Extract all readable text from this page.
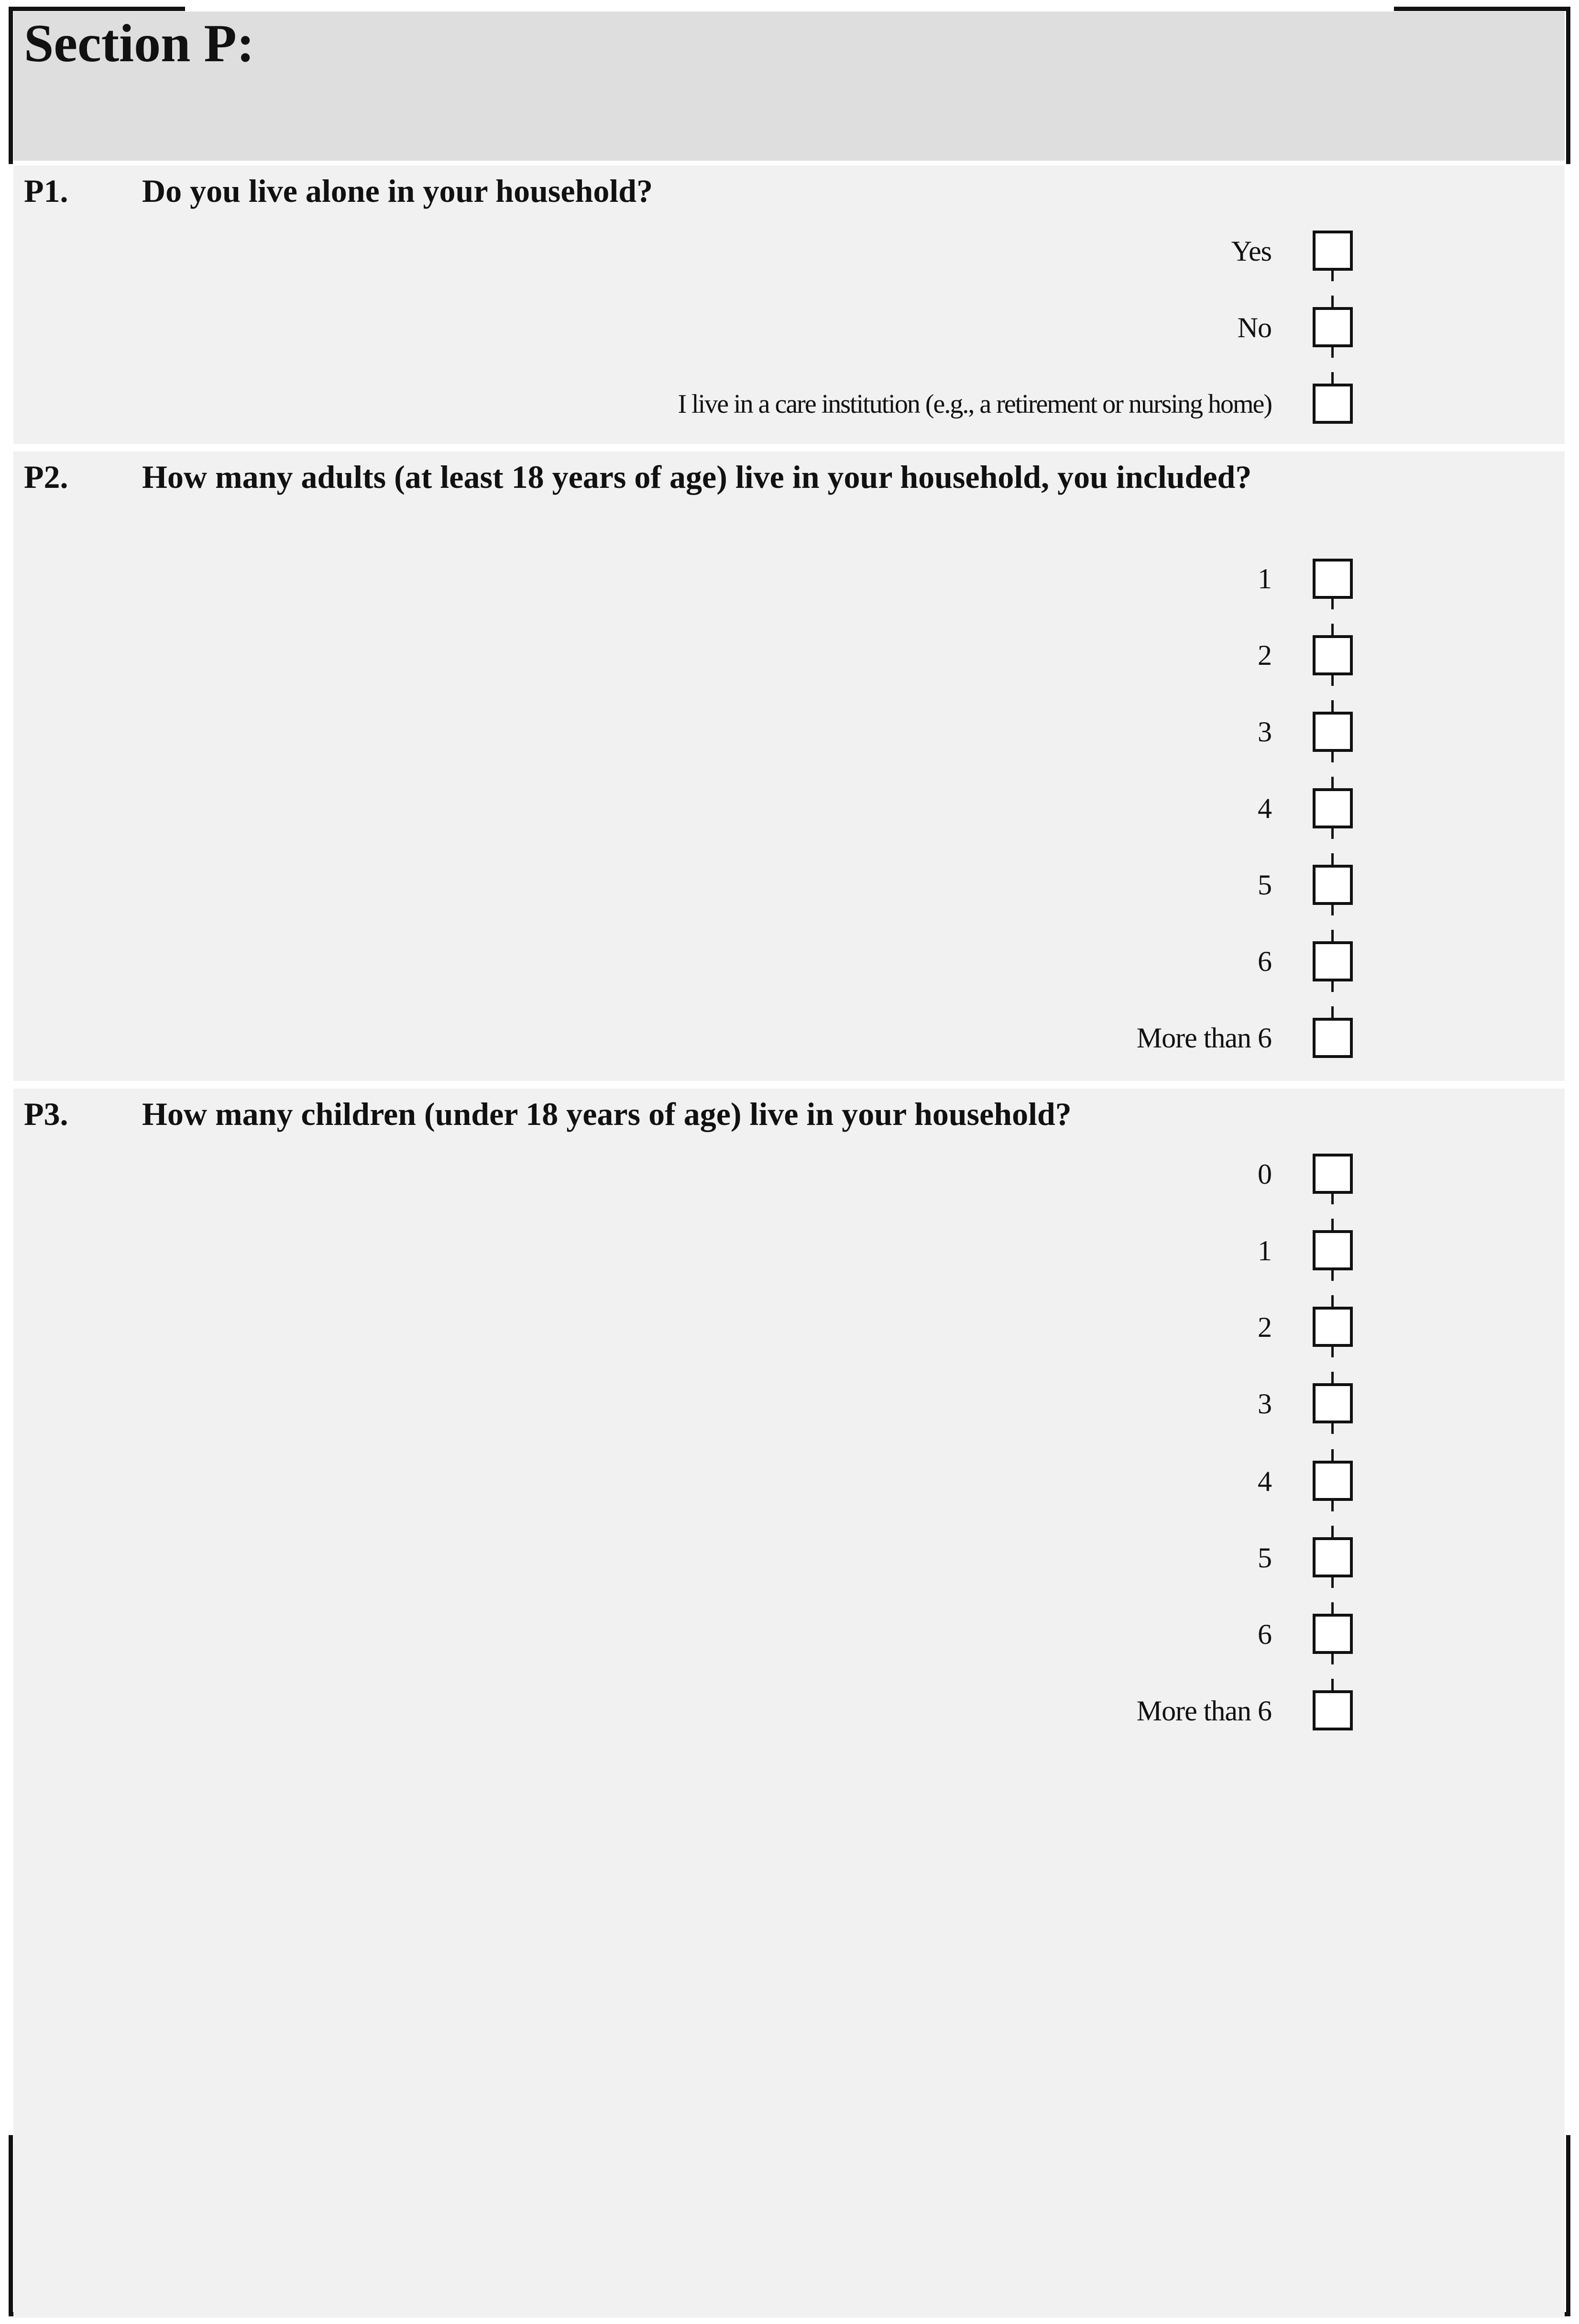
Section P:
P1. Do you live alone in your household?
Yes
No
I live in a care institution (e.g., a retirement or nursing home)
P2. How many adults (at least 18 years of age) live in your household, you included?
1
2
3
4
5
6
More than 6
P3. How many children (under 18 years of age) live in your household?
0
1
2
3
4
5
6
More than 6
